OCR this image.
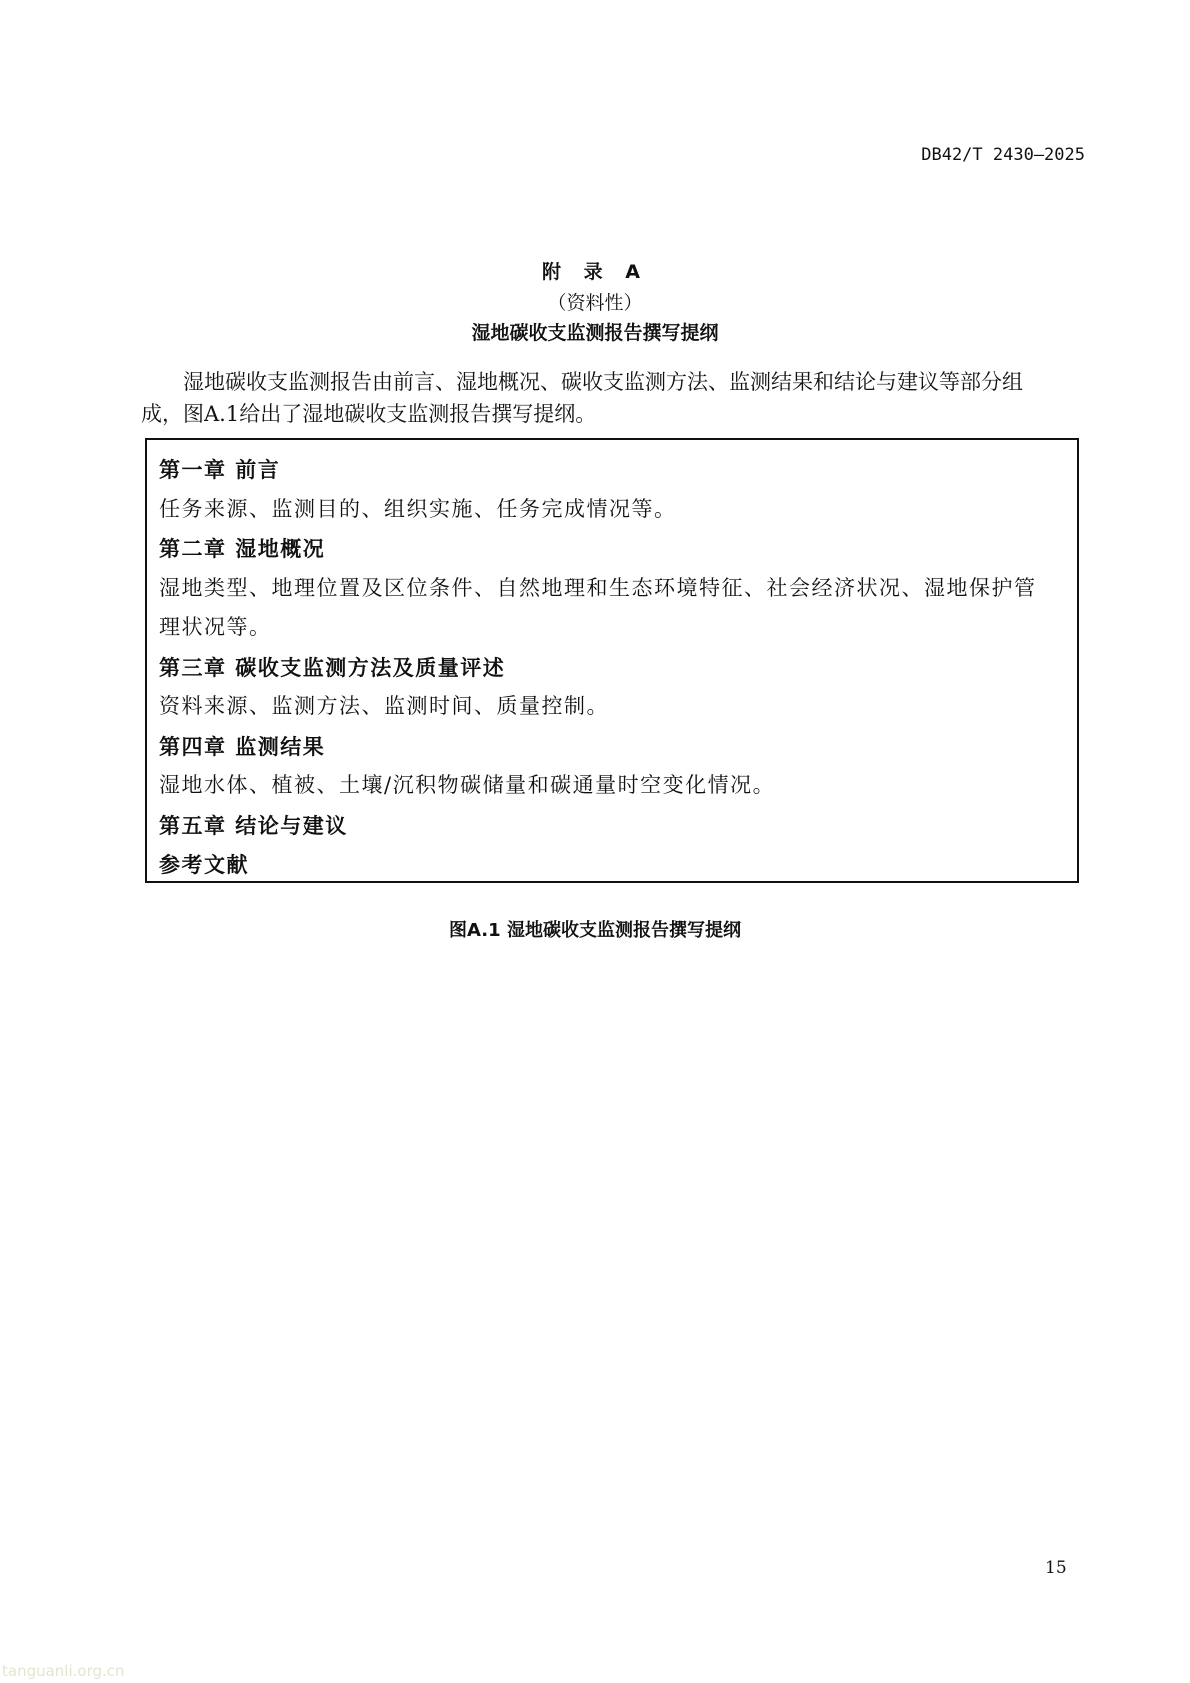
DB42/T 2430—2025
附 录 A
（资料性）
湿地碳收支监测报告撰写提纲
湿地碳收支监测报告由前言、湿地概况、碳收支监测方法、监测结果和结论与建议等部分组成，图A.1给出了湿地碳收支监测报告撰写提纲。
第一章 前言
任务来源、监测目的、组织实施、任务完成情况等。
第二章 湿地概况
湿地类型、地理位置及区位条件、自然地理和生态环境特征、社会经济状况、湿地保护管
理状况等。
第三章 碳收支监测方法及质量评述
资料来源、监测方法、监测时间、质量控制。
第四章 监测结果
湿地水体、植被、土壤/沉积物碳储量和碳通量时空变化情况。
第五章 结论与建议
参考文献
图A.1 湿地碳收支监测报告撰写提纲
15
tanguanli.org.cn
